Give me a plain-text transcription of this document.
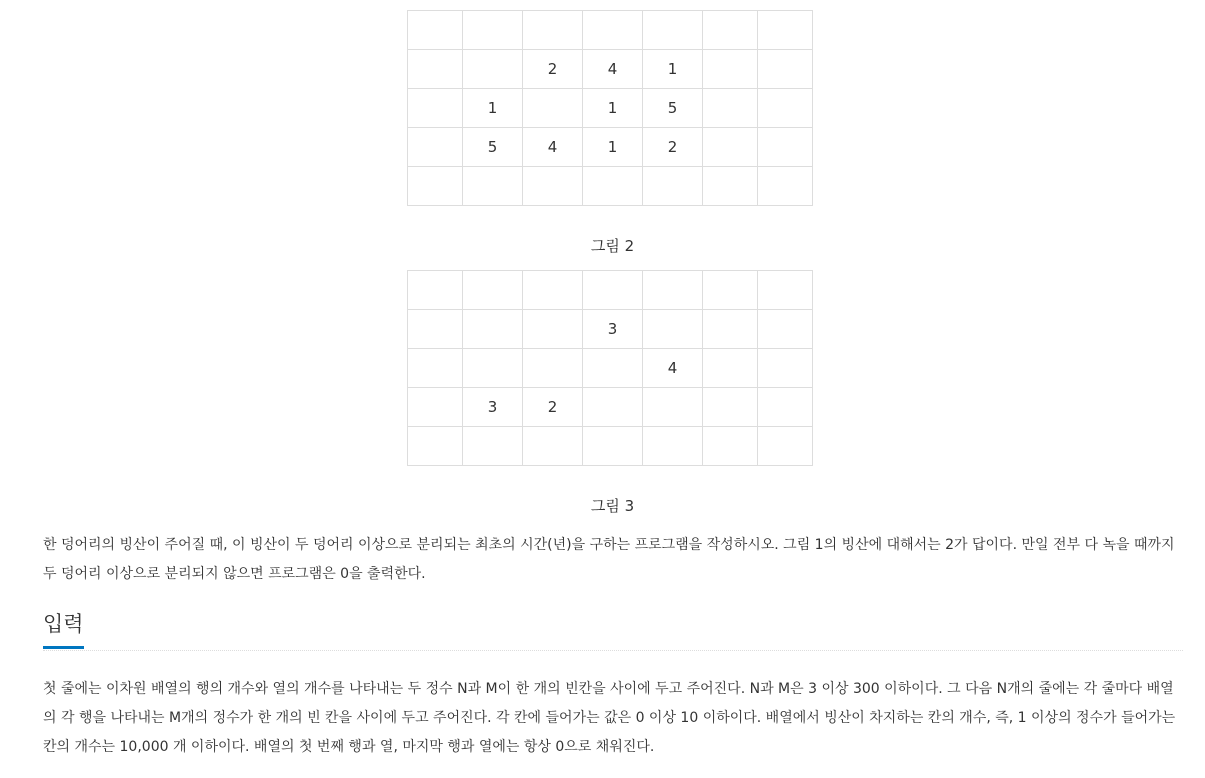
		2	4	1		
	1		1	5		
	5	4	1	2		

그림 2

			3			
				4		
	3	2				

그림 3

한 덩어리의 빙산이 주어질 때, 이 빙산이 두 덩어리 이상으로 분리되는 최초의 시간(년)을 구하는 프로그램을 작성하시오. 그림 1의 빙산에 대해서는 2가 답이다. 만일 전부 다 녹을 때까지 두 덩어리 이상으로 분리되지 않으면 프로그램은 0을 출력한다.

입력

첫 줄에는 이차원 배열의 행의 개수와 열의 개수를 나타내는 두 정수 N과 M이 한 개의 빈칸을 사이에 두고 주어진다. N과 M은 3 이상 300 이하이다. 그 다음 N개의 줄에는 각 줄마다 배열의 각 행을 나타내는 M개의 정수가 한 개의 빈 칸을 사이에 두고 주어진다. 각 칸에 들어가는 값은 0 이상 10 이하이다. 배열에서 빙산이 차지하는 칸의 개수, 즉, 1 이상의 정수가 들어가는 칸의 개수는 10,000 개 이하이다. 배열의 첫 번째 행과 열, 마지막 행과 열에는 항상 0으로 채워진다.
